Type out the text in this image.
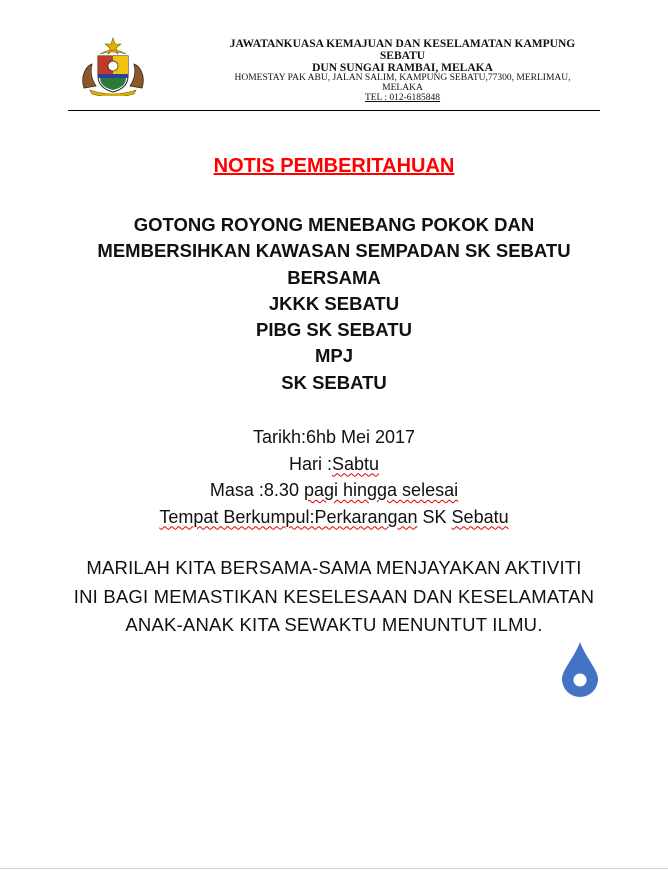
JAWATANKUASA KEMAJUAN DAN KESELAMATAN KAMPUNG
SEBATU
DUN SUNGAI RAMBAI, MELAKA
HOMESTAY PAK ABU, JALAN SALIM, KAMPUNG SEBATU,77300, MERLIMAU,
MELAKA
TEL : 012-6185848
NOTIS PEMBERITAHUAN
GOTONG ROYONG MENEBANG POKOK DAN
MEMBERSIHKAN KAWASAN SEMPADAN SK SEBATU
BERSAMA
JKKK SEBATU
PIBG SK SEBATU
MPJ
SK SEBATU
Tarikh:6hb Mei 2017
Hari :Sabtu
Masa :8.30 pagi hingga selesai
Tempat Berkumpul:Perkarangan SK Sebatu
MARILAH KITA BERSAMA-SAMA MENJAYAKAN AKTIVITI
INI BAGI MEMASTIKAN KESELESAAN DAN KESELAMATAN
ANAK-ANAK KITA SEWAKTU MENUNTUT ILMU.
